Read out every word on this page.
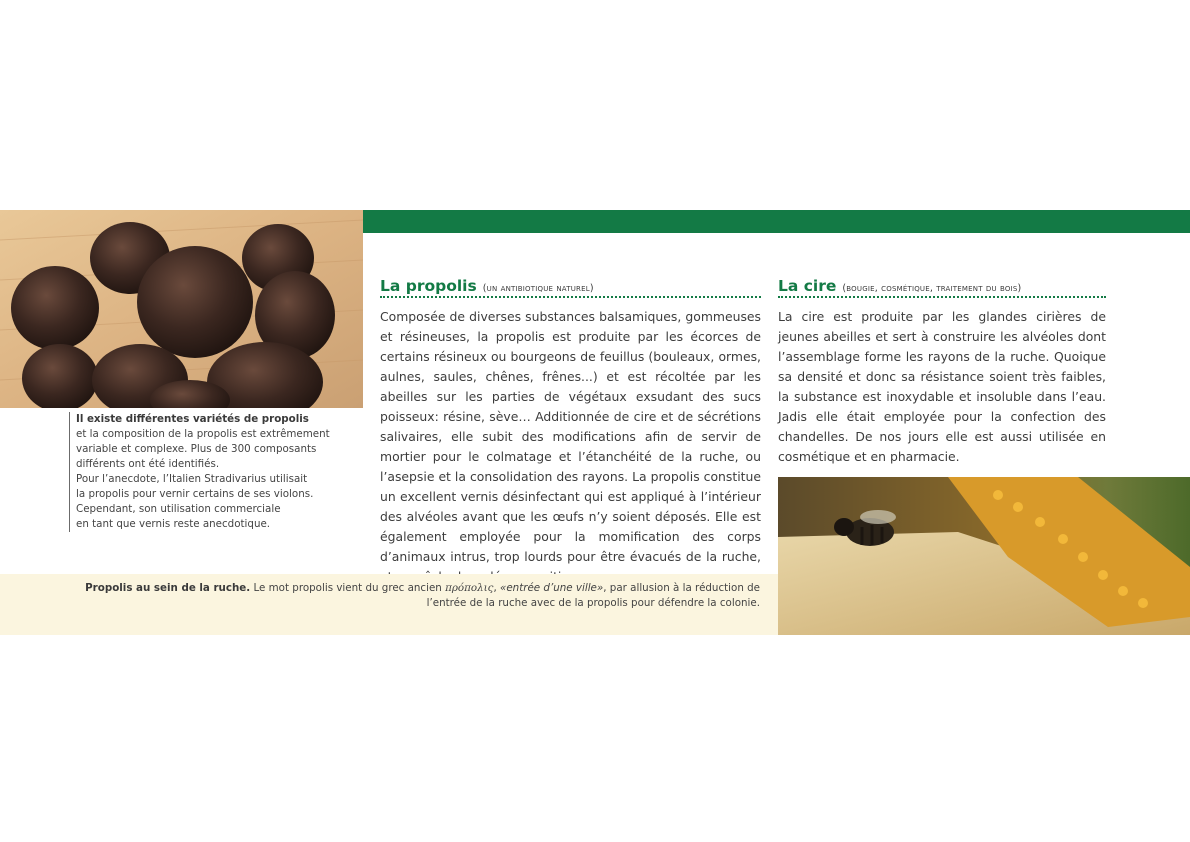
Il existe différentes variétés de propolis
et la composition de la propolis est extrêmement
variable et complexe. Plus de 300 composants
différents ont été identifiés.
Pour l’anecdote, l’Italien Stradivarius utilisait
la propolis pour vernir certains de ses violons.
Cependant, son utilisation commerciale
en tant que vernis reste anecdotique.
La propolis (un antibiotique naturel)

Composée de diverses substances balsamiques, gommeuses et résineuses, la propolis est produite par les écorces de certains résineux ou bourgeons de feuillus (bouleaux, ormes, aulnes, saules, chênes, frênes...) et est récoltée par les abeilles sur les parties de végétaux exsudant des sucs poisseux: résine, sève… Additionnée de cire et de sécrétions salivaires, elle subit des modifications afin de servir de mortier pour le colmatage et l’étanchéité de la ruche, ou l’asepsie et la consolidation des rayons. La propolis constitue un excellent vernis désinfectant qui est appliqué à l’intérieur des alvéoles avant que les œufs n’y soient déposés. Elle est également employée pour la momification des corps d’animaux intrus, trop lourds pour être évacués de la ruche,

La cire (bougie, cosmétique, traitement du bois)

La cire est produite par les glandes cirières de jeunes abeilles et sert à construire les alvéoles dont l’assemblage forme les rayons de la ruche. Quoique sa densité et donc sa résistance soient très faibles, la substance est inoxydable et insoluble dans l’eau. Jadis elle était employée pour la confection des chandelles. De nos jours elle est aussi utilisée en cosmétique et en pharmacie.

Propolis au sein de la ruche. Le mot propolis vient du grec ancien πρόπολις, «entrée d’une ville», par allusion à la réduction de l’entrée de la ruche avec de la propolis pour défendre la colonie.
